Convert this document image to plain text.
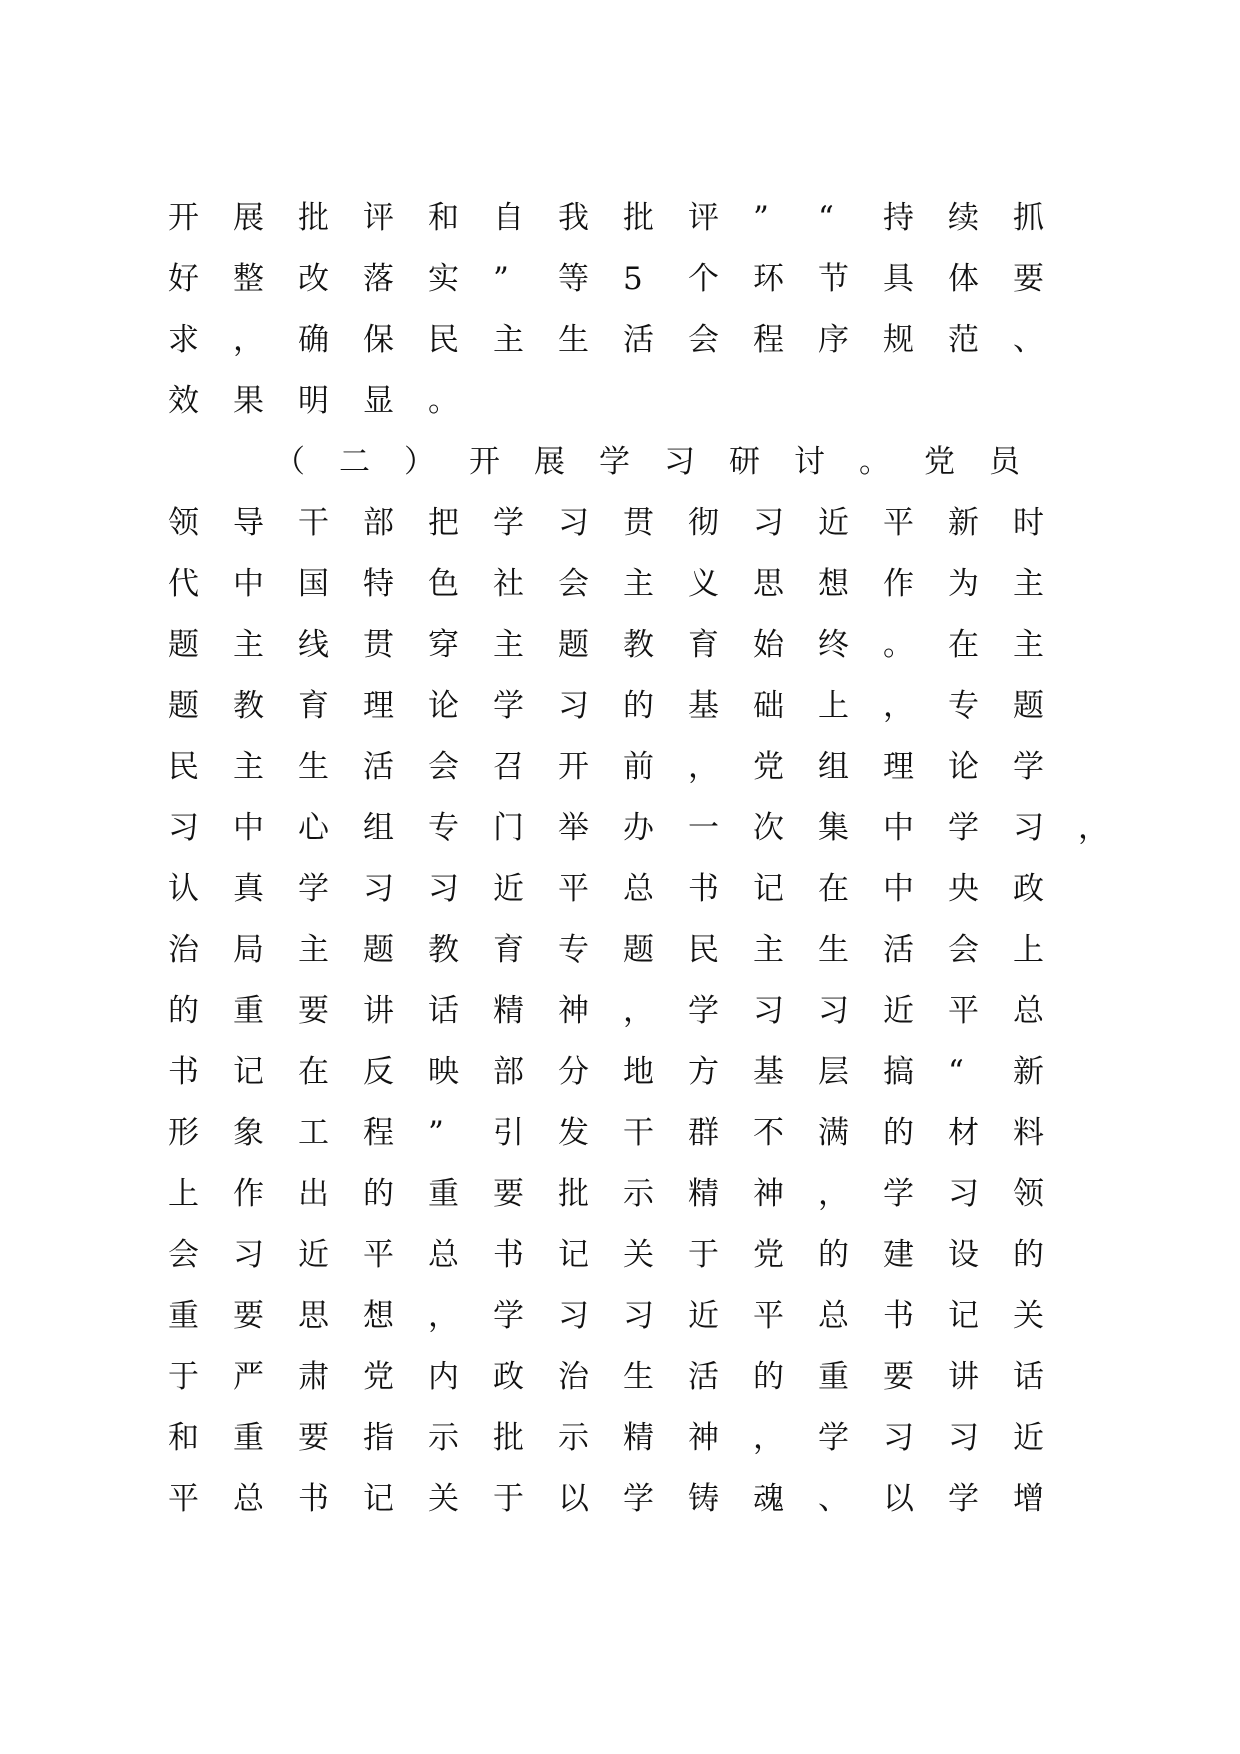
开 展 批 评 和 自 我 批 评 ” “ 持 续 抓
好 整 改 落 实 ” 等 5 个 环 节 具 体 要
求 ， 确 保 民 主 生 活 会 程 序 规 范 、
效 果 明 显 。
（ 二 ） 开 展 学 习 研 讨 。 党 员
领 导 干 部 把 学 习 贯 彻 习 近 平 新 时
代 中 国 特 色 社 会 主 义 思 想 作 为 主
题 主 线 贯 穿 主 题 教 育 始 终 。 在 主
题 教 育 理 论 学 习 的 基 础 上 ， 专 题
民 主 生 活 会 召 开 前 ， 党 组 理 论 学
习 中 心 组 专 门 举 办 一 次 集 中 学 习 ，
认 真 学 习 习 近 平 总 书 记 在 中 央 政
治 局 主 题 教 育 专 题 民 主 生 活 会 上
的 重 要 讲 话 精 神 ， 学 习 习 近 平 总
书 记 在 反 映 部 分 地 方 基 层 搞 “ 新
形 象 工 程 ” 引 发 干 群 不 满 的 材 料
上 作 出 的 重 要 批 示 精 神 ， 学 习 领
会 习 近 平 总 书 记 关 于 党 的 建 设 的
重 要 思 想 ， 学 习 习 近 平 总 书 记 关
于 严 肃 党 内 政 治 生 活 的 重 要 讲 话
和 重 要 指 示 批 示 精 神 ， 学 习 习 近
平 总 书 记 关 于 以 学 铸 魂 、 以 学 增
